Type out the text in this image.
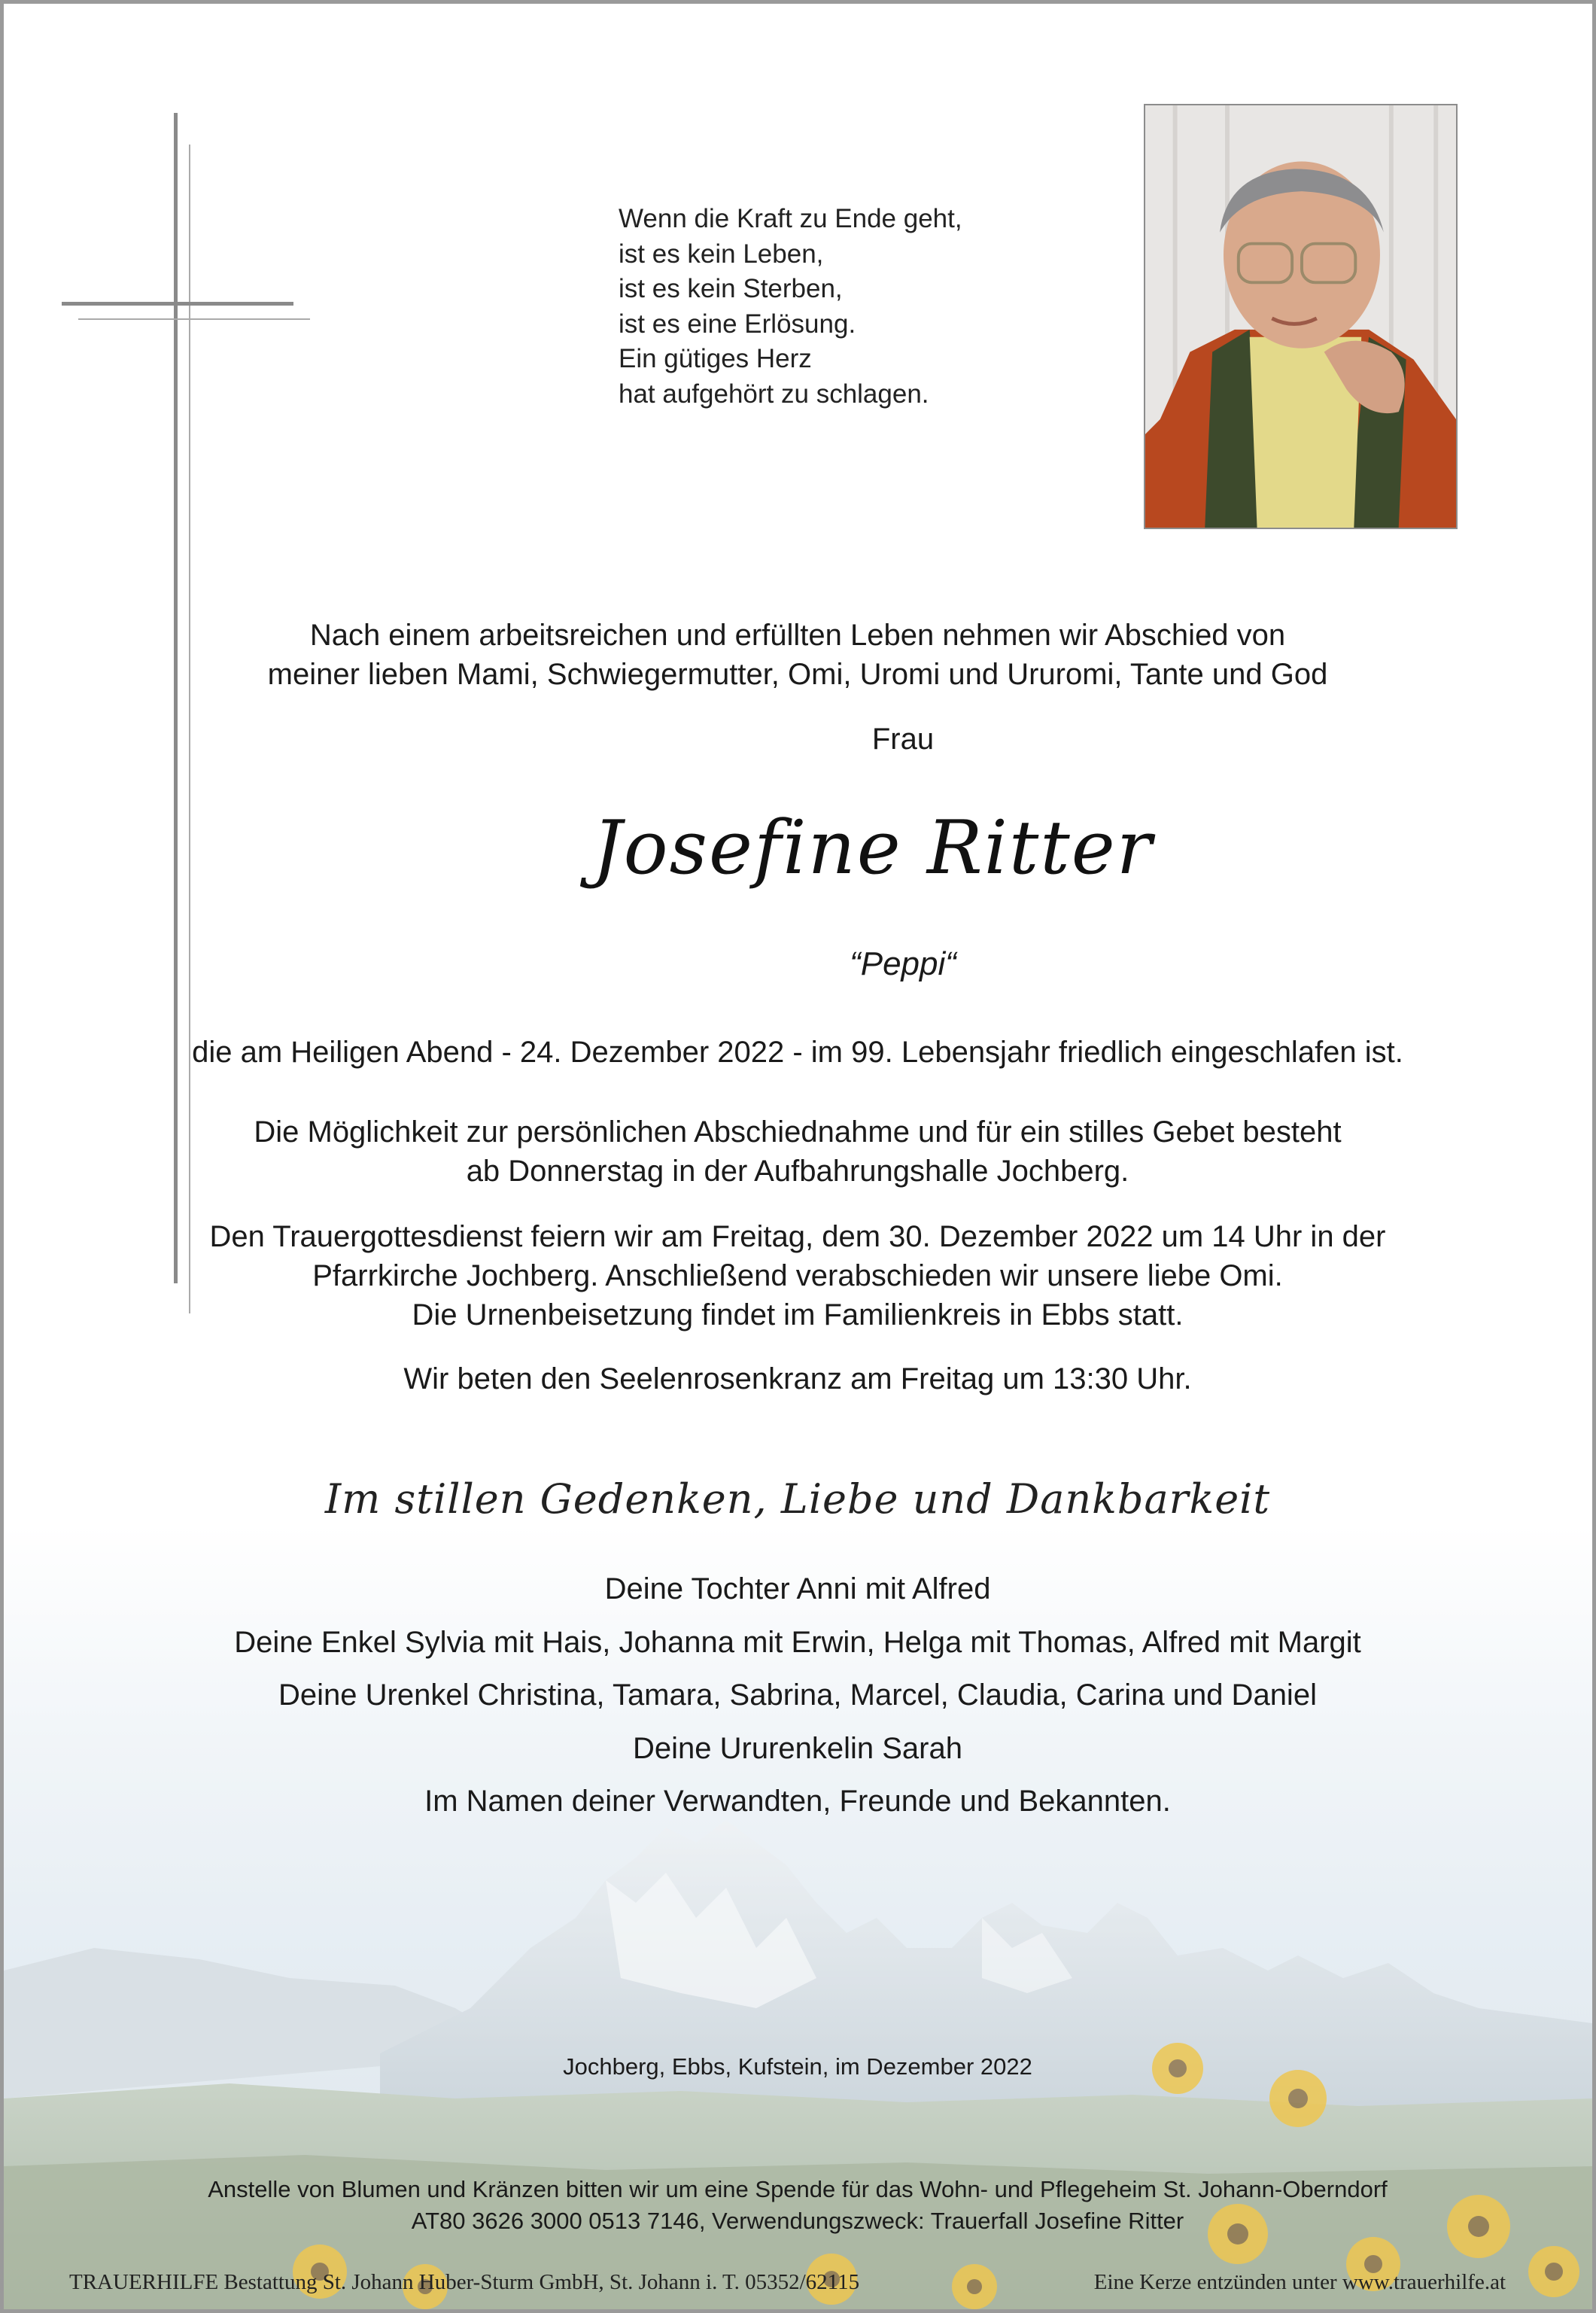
Wenn die Kraft zu Ende geht,
ist es kein Leben,
ist es kein Sterben,
ist es eine Erlösung.
Ein gütiges Herz
hat aufgehört zu schlagen.
Nach einem arbeitsreichen und erfüllten Leben nehmen wir Abschied von
meiner lieben Mami, Schwiegermutter, Omi, Uromi und Ururomi, Tante und God
Frau
Josefine Ritter
“Peppi“
die am Heiligen Abend - 24. Dezember 2022 - im 99. Lebensjahr friedlich eingeschlafen ist.
Die Möglichkeit zur persönlichen Abschiednahme und für ein stilles Gebet besteht
ab Donnerstag in der Aufbahrungshalle Jochberg.
Den Trauergottesdienst feiern wir am Freitag, dem 30. Dezember 2022 um 14 Uhr in der
Pfarrkirche Jochberg. Anschließend verabschieden wir unsere liebe Omi.
Die Urnenbeisetzung findet im Familienkreis in Ebbs statt.
Wir beten den Seelenrosenkranz am Freitag um 13:30 Uhr.
Im stillen Gedenken, Liebe und Dankbarkeit
Deine Tochter Anni mit Alfred
Deine Enkel Sylvia mit Hais, Johanna mit Erwin, Helga mit Thomas, Alfred mit Margit
Deine Urenkel Christina, Tamara, Sabrina, Marcel, Claudia, Carina und Daniel
Deine Ururenkelin Sarah
Im Namen deiner Verwandten, Freunde und Bekannten.
Jochberg, Ebbs, Kufstein, im Dezember 2022
Anstelle von Blumen und Kränzen bitten wir um eine Spende für das Wohn- und Pflegeheim St. Johann-Oberndorf
AT80 3626 3000 0513 7146, Verwendungszweck: Trauerfall Josefine Ritter
TRAUERHILFE Bestattung St. Johann Huber-Sturm GmbH, St. Johann i. T. 05352/62115	Eine Kerze entzünden unter www.trauerhilfe.at
